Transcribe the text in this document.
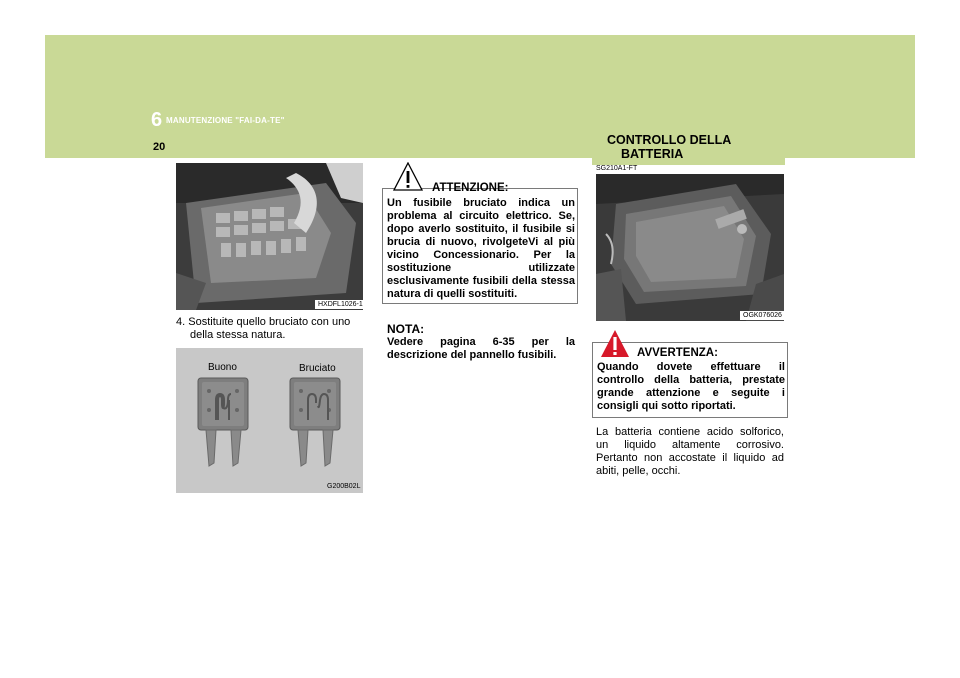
6 MANUTENZIONE "FAI-DA-TE"
20
HXDFL1026-1
4. Sostituite quello bruciato con uno
della stessa natura.
Buono	Bruciato
G200B02L
ATTENZIONE:
Un fusibile bruciato indica un problema al circuito elettrico. Se, dopo averlo sostituito, il fusibile si brucia di nuovo, rivolgeteVi al più vicino Concessionario. Per la sostituzione utilizzate esclusivamente fusibili della stessa natura di quelli sostituiti.
NOTA:
Vedere pagina 6-35 per la descrizione del pannello fusibili.
CONTROLLO DELLA
BATTERIA
SG210A1-FT
OGK076026
AVVERTENZA:
Quando dovete effettuare il controllo della batteria, prestate grande attenzione e seguite i consigli qui sotto riportati.
La batteria contiene acido solforico, un liquido altamente corrosivo. Pertanto non accostate il liquido ad abiti, pelle, occhi.
